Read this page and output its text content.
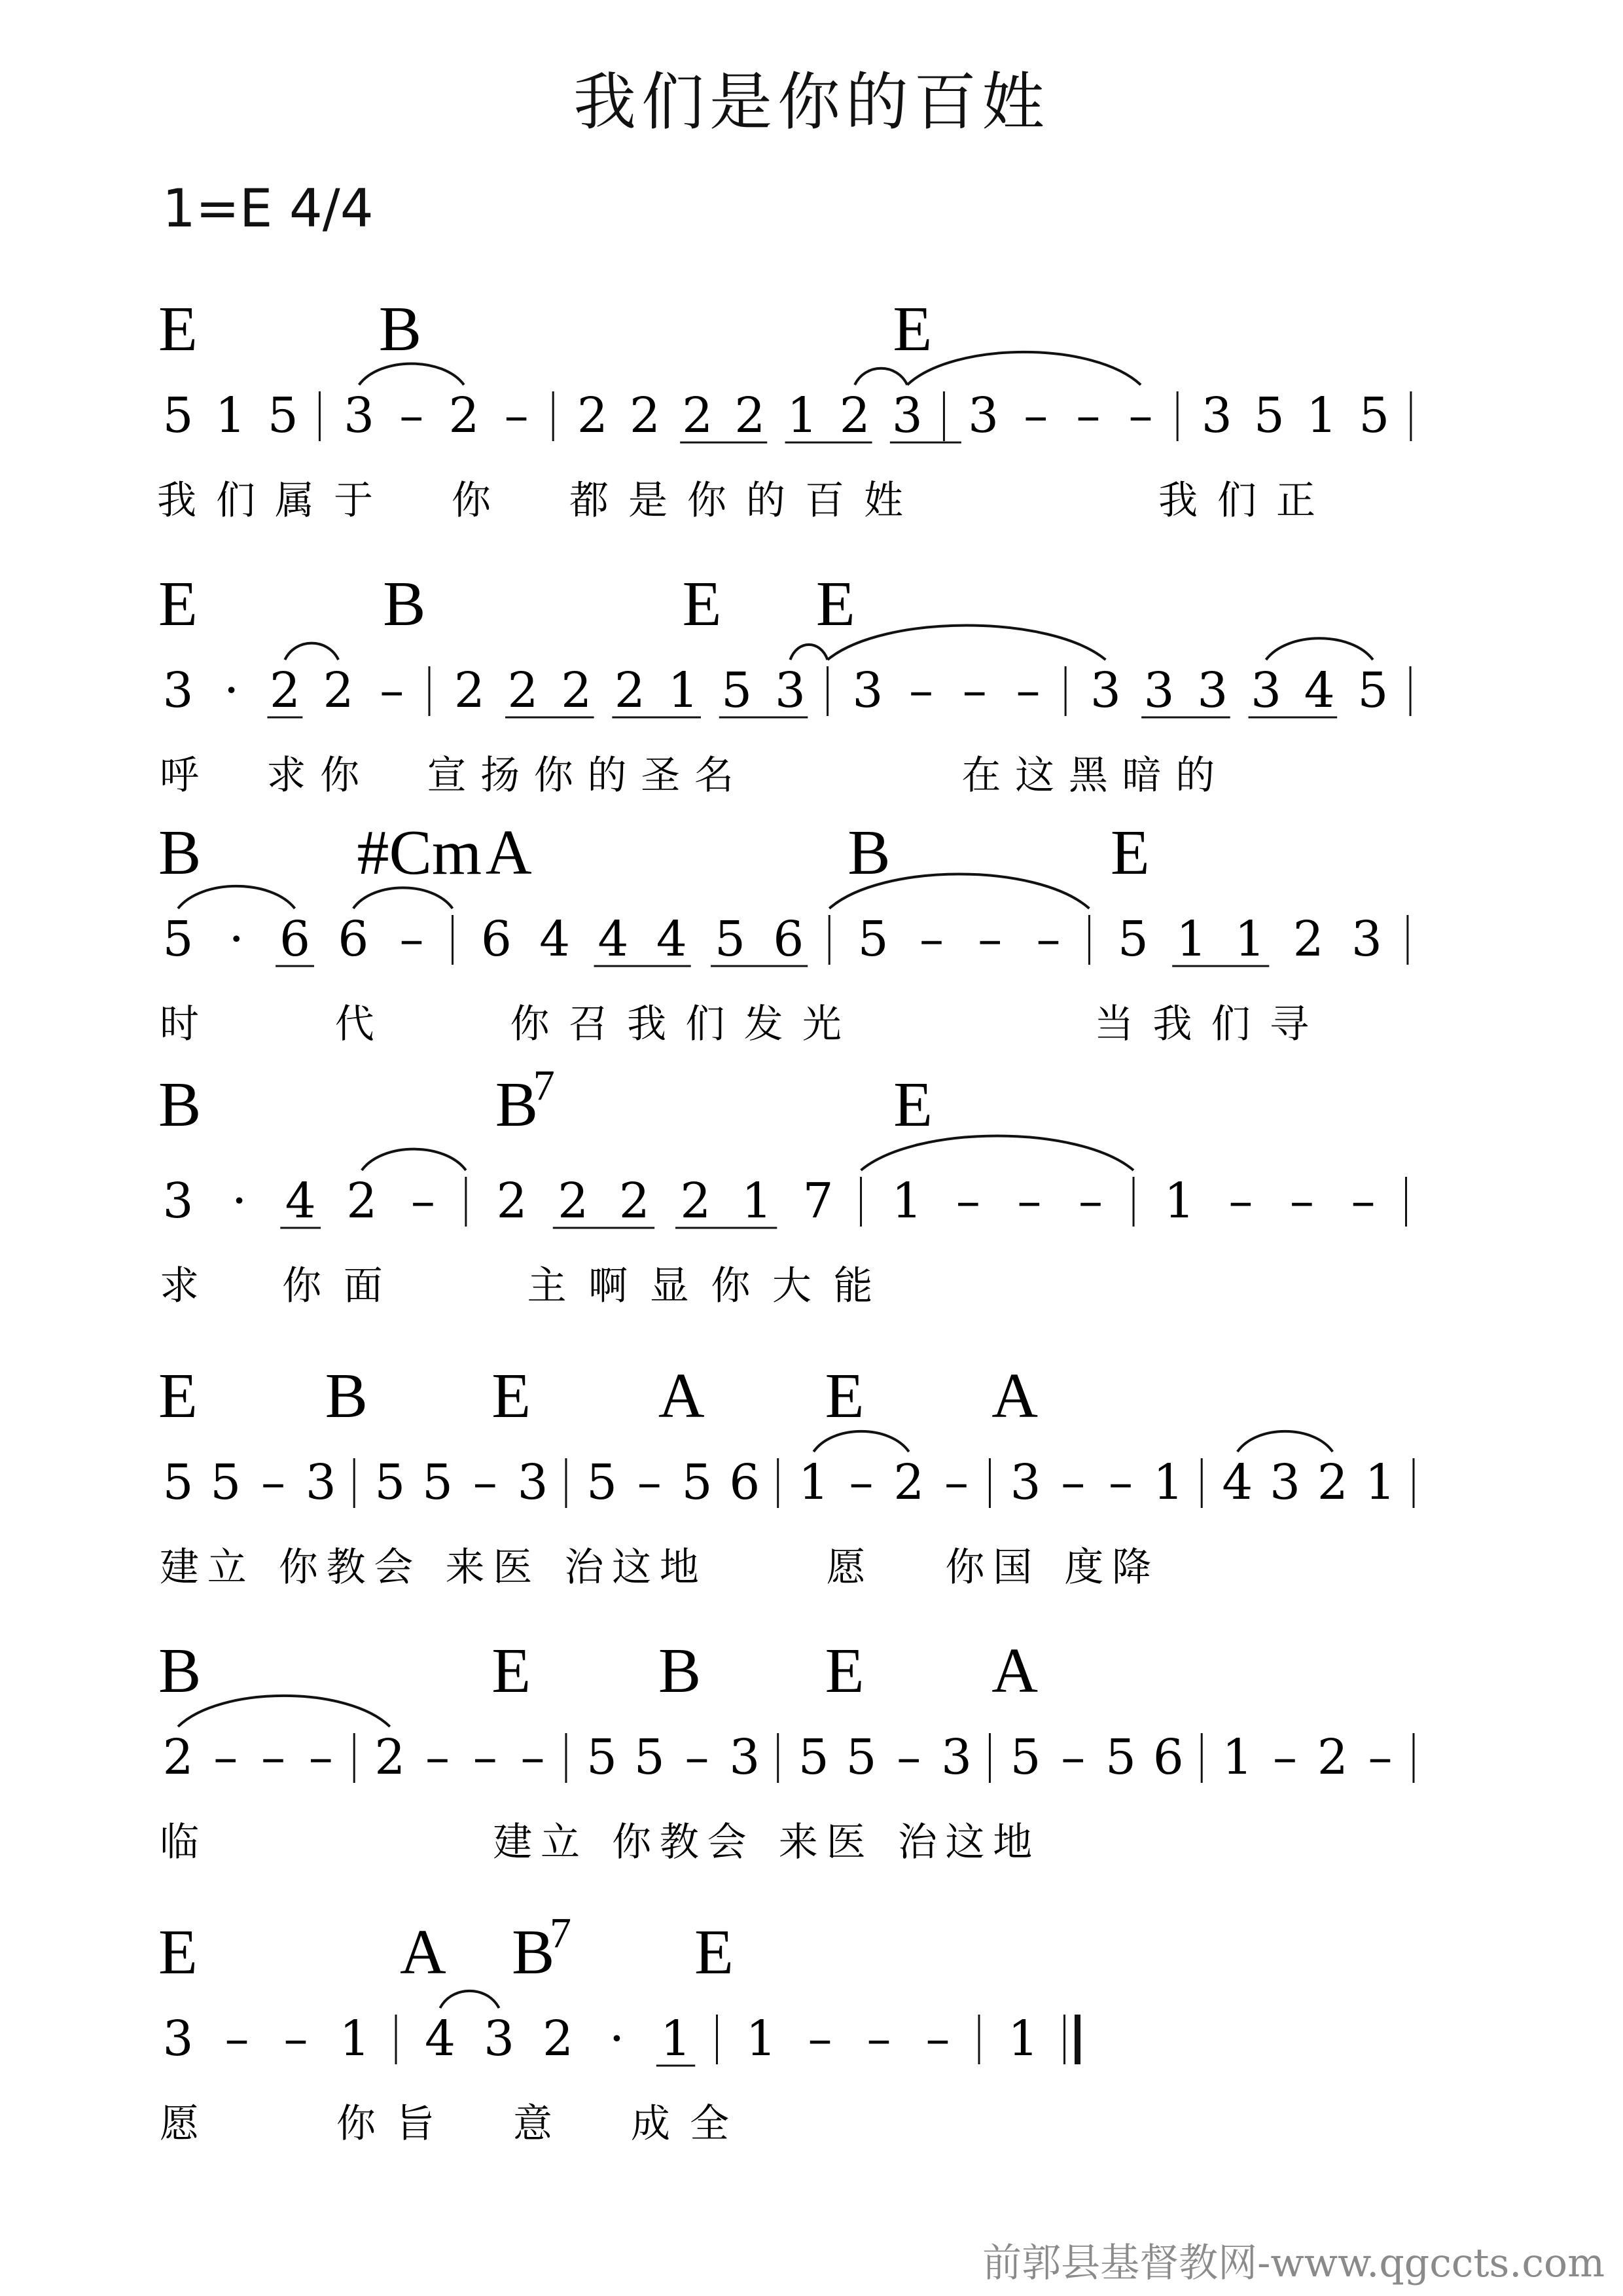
我们是你的百姓
1=E 4/4
5 1 5 3 – 2 – 2 2 2 2 1 2 3 3 – – – 3 5 1 5
E	B	E
我 们 属 于 你 都 是 你 的 百 姓	我 们 正
3 · 2 2 – 2 2 2 2 1 5 3 3 – – – 3 3 3 3 4 5
E	B	E E
呼 求 你 宣 扬 你 的 圣 名	在 这 黑 暗 的
5 · 6 6 – 6 4 4 4 5 6 5 – – – 5 1 1 2 3
B #Cm A	B	E
时	代	你 召 我 们 发 光	当 我 们 寻
3 · 4 2 – 2 2 2 2 1 7 1 – – – 1 – – –
B	B
7	E
求 你 面	主 啊 显 你 大 能
5 5 – 3 5 5 – 3 5 – 5 6 1 – 2 – 3 – – 1 4 3 2 1
E B E A E A
建 立 你 教 会 来 医 治 这 地	愿 你 国 度 降
2 – – – 2 – – – 5 5 – 3 5 5 – 3 5 – 5 6 1 – 2 –
B	E B E A
临	建 立 你 教 会 来 医 治 这 地
3 – – 1 4 3 2 · 1 1 – – – 1
E	A B
7 E
愿	你 旨 意 成 全
前郭县基督教网-www.qgccts.com
